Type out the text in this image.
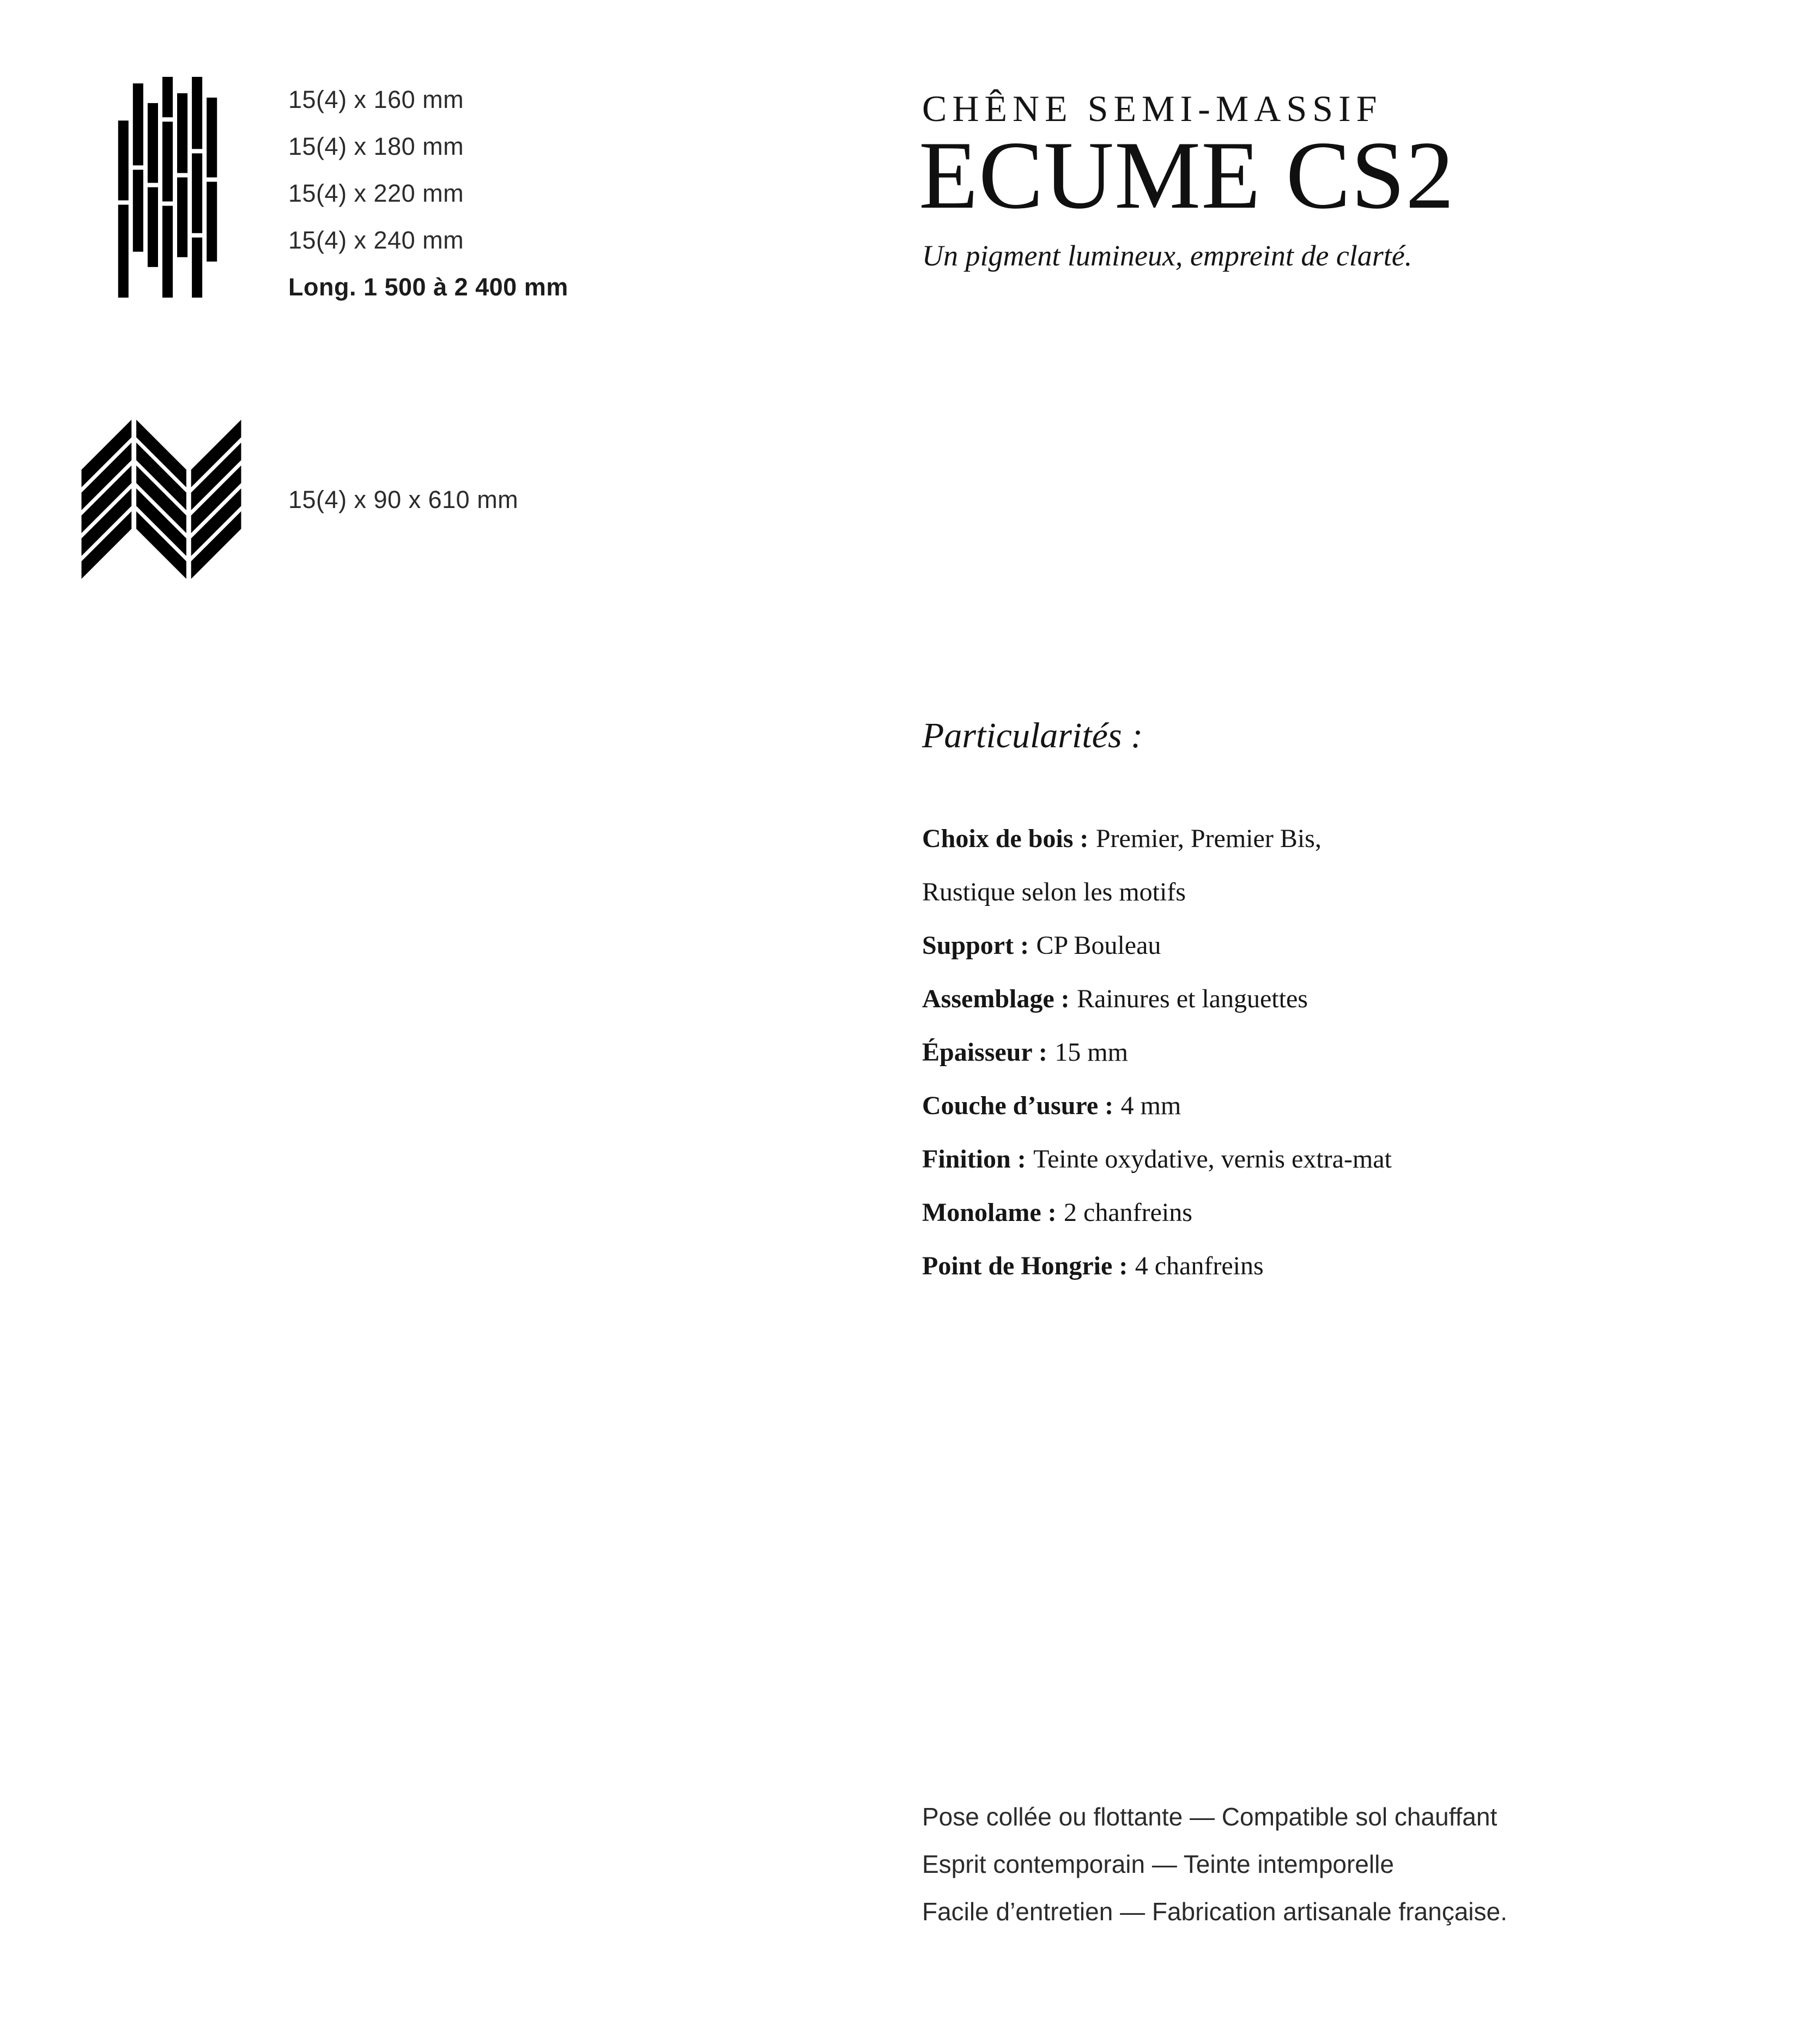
15(4) x 160 mm
15(4) x 180 mm
15(4) x 220 mm
15(4) x 240 mm
Long. 1 500 à 2 400 mm
15(4) x 90 x 610 mm
CHÊNE SEMI-MASSIF
ECUME CS2
Un pigment lumineux, empreint de clarté.
Particularités :
Choix de bois : Premier, Premier Bis,
Rustique selon les motifs
Support : CP Bouleau
Assemblage : Rainures et languettes
Épaisseur : 15 mm
Couche d’usure : 4 mm
Finition : Teinte oxydative, vernis extra-mat
Monolame : 2 chanfreins
Point de Hongrie : 4 chanfreins
Pose collée ou flottante — Compatible sol chauffant
Esprit contemporain — Teinte intemporelle
Facile d’entretien — Fabrication artisanale française.
